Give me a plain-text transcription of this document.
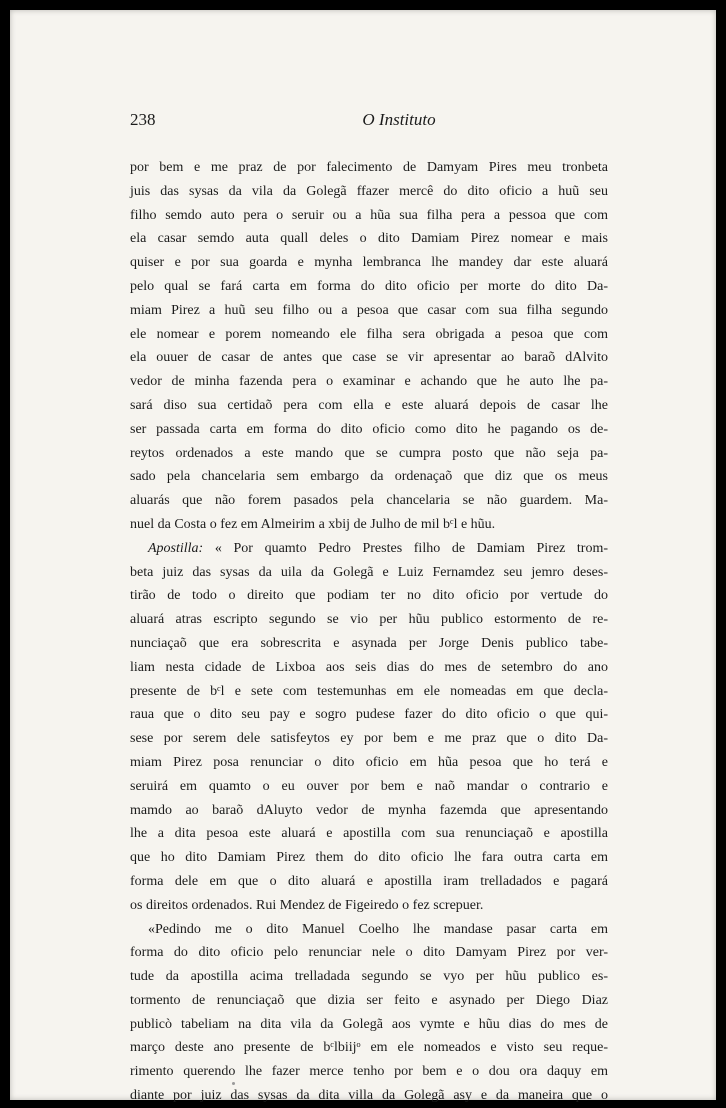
238	O Instituto

por bem e me praz de por falecimento de Damyam Pires meu tronbeta

juis das sysas da vila da Golegã ffazer mercê do dito oficio a huũ seu

filho semdo auto pera o seruir ou a hũa sua filha pera a pessoa que com

ela casar semdo auta quall deles o dito Damiam Pirez nomear e mais

quiser e por sua goarda e mynha lembranca lhe mandey dar este aluará

pelo qual se fará carta em forma do dito oficio per morte do dito Da-

miam Pirez a huũ seu filho ou a pesoa que casar com sua filha segundo

ele nomear e porem nomeando ele filha sera obrigada a pesoa que com

ela ouuer de casar de antes que case se vir apresentar ao baraõ dAlvito

vedor de minha fazenda pera o examinar e achando que he auto lhe pa-

sará diso sua certidaõ pera com ella e este aluará depois de casar lhe

ser passada carta em forma do dito oficio como dito he pagando os de-

reytos ordenados a este mando que se cumpra posto que não seja pa-

sado pela chancelaria sem embargo da ordenaçaõ que diz que os meus

aluarás que não forem pasados pela chancelaria se não guardem. Ma-

nuel da Costa o fez em Almeirim a xbij de Julho de mil bᶜl e hũu.

Apostilla: « Por quamto Pedro Prestes filho de Damiam Pirez trom-

beta juiz das sysas da uila da Golegã e Luiz Fernamdez seu jemro deses-

tirão de todo o direito que podiam ter no dito oficio por vertude do

aluará atras escripto segundo se vio per hũu publico estormento de re-

nunciaçaõ que era sobrescrita e asynada per Jorge Denis publico tabe-

liam nesta cidade de Lixboa aos seis dias do mes de setembro do ano

presente de bᶜl e sete com testemunhas em ele nomeadas em que decla-

raua que o dito seu pay e sogro pudese fazer do dito oficio o que qui-

sese por serem dele satisfeytos ey por bem e me praz que o dito Da-

miam Pirez posa renunciar o dito oficio em hũa pesoa que ho terá e

seruirá em quamto o eu ouver por bem e naõ mandar o contrario e

mamdo ao baraõ dAluyto vedor de mynha fazemda que apresentando

lhe a dita pesoa este aluará e apostilla com sua renunciaçaõ e apostilla

que ho dito Damiam Pirez them do dito oficio lhe fara outra carta em

forma dele em que o dito aluará e apostilla iram trelladados e pagará

os direitos ordenados. Rui Mendez de Figeiredo o fez screpuer.

«Pedindo me o dito Manuel Coelho lhe mandase pasar carta em

forma do dito oficio pelo renunciar nele o dito Damyam Pirez por ver-

tude da apostilla acima trelladada segundo se vyo per hũu publico es-

tormento de renunciaçaõ que dizia ser feito e asynado per Diego Diaz

publicò tabeliam na dita vila da Golegã aos vymte e hũu dias do mes de

março deste ano presente de bᶜlbiijᵒ em ele nomeados e visto seu reque-

rimento querendo lhe fazer merce tenho por bem e o dou ora daquy em

diante por juiz das sysas da dita villa da Golegã asy e da maneira que o
